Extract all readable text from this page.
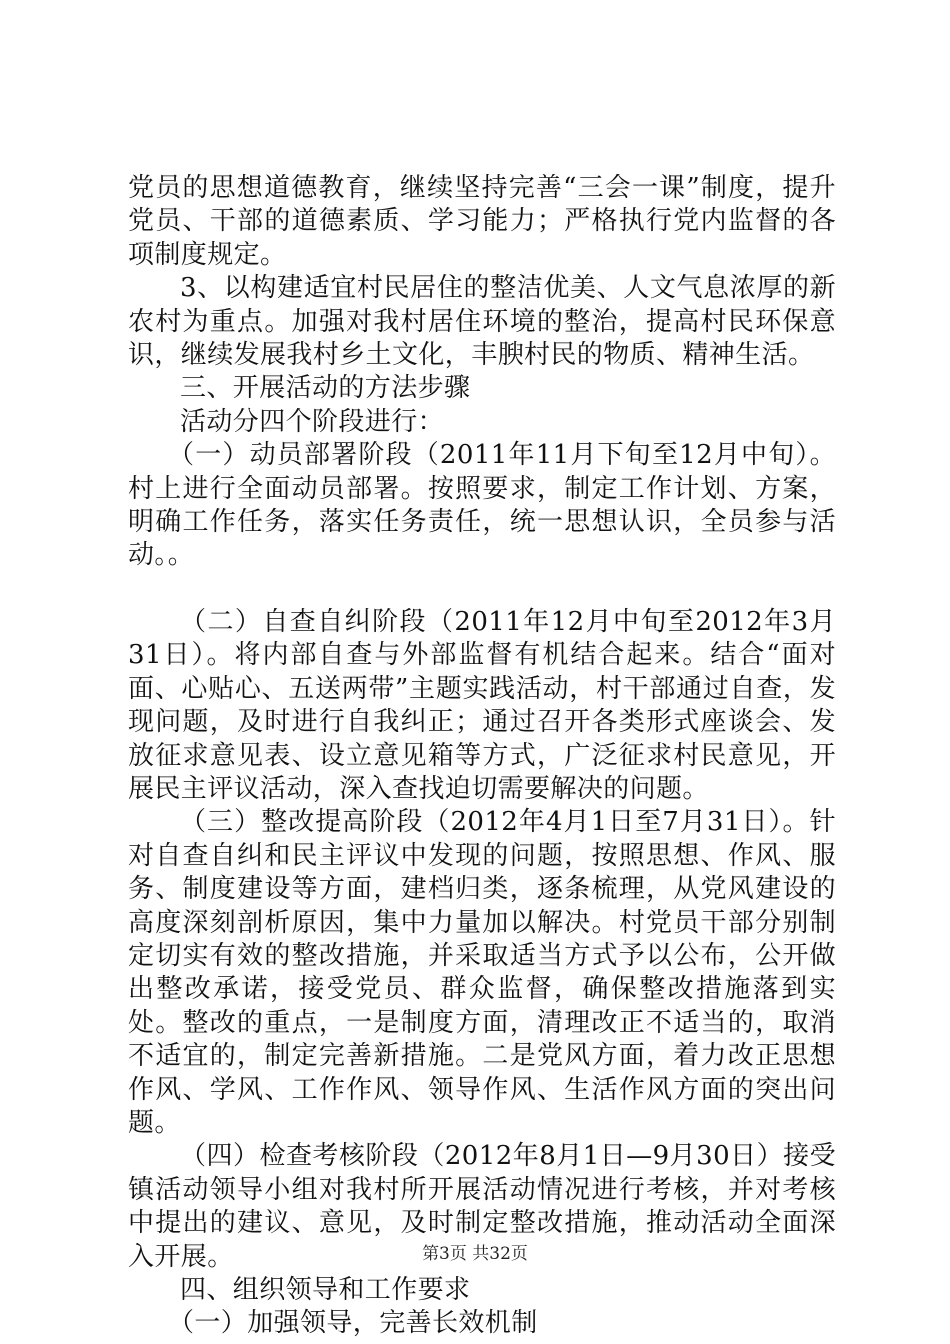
党员的思想道德教育，继续坚持完善“三会一课”制度，提升党员、干部的道德素质、学习能力；严格执行党内监督的各项制度规定。

3、以构建适宜村民居住的整洁优美、人文气息浓厚的新农村为重点。加强对我村居住环境的整治，提高村民环保意识，继续发展我村乡土文化，丰腴村民的物质、精神生活。

三、开展活动的方法步骤

活动分四个阶段进行：

（一）动员部署阶段（2011年11月下旬至12月中旬）。村上进行全面动员部署。按照要求，制定工作计划、方案，明确工作任务，落实任务责任，统一思想认识，全员参与活动。。

（二）自查自纠阶段（2011年12月中旬至2012年3月31日）。将内部自查与外部监督有机结合起来。结合“面对面、心贴心、五送两带”主题实践活动，村干部通过自查，发现问题，及时进行自我纠正；通过召开各类形式座谈会、发放征求意见表、设立意见箱等方式，广泛征求村民意见，开展民主评议活动，深入查找迫切需要解决的问题。

（三）整改提高阶段（2012年4月1日至7月31日）。针对自查自纠和民主评议中发现的问题，按照思想、作风、服务、制度建设等方面，建档归类，逐条梳理，从党风建设的高度深刻剖析原因，集中力量加以解决。村党员干部分别制定切实有效的整改措施，并采取适当方式予以公布，公开做出整改承诺，接受党员、群众监督，确保整改措施落到实处。整改的重点，一是制度方面，清理改正不适当的，取消不适宜的，制定完善新措施。二是党风方面，着力改正思想作风、学风、工作作风、领导作风、生活作风方面的突出问题。

（四）检查考核阶段（2012年8月1日—9月30日）接受镇活动领导小组对我村所开展活动情况进行考核，并对考核中提出的建议、意见，及时制定整改措施，推动活动全面深入开展。

四、组织领导和工作要求

（一）加强领导，完善长效机制

第3页 共32页
